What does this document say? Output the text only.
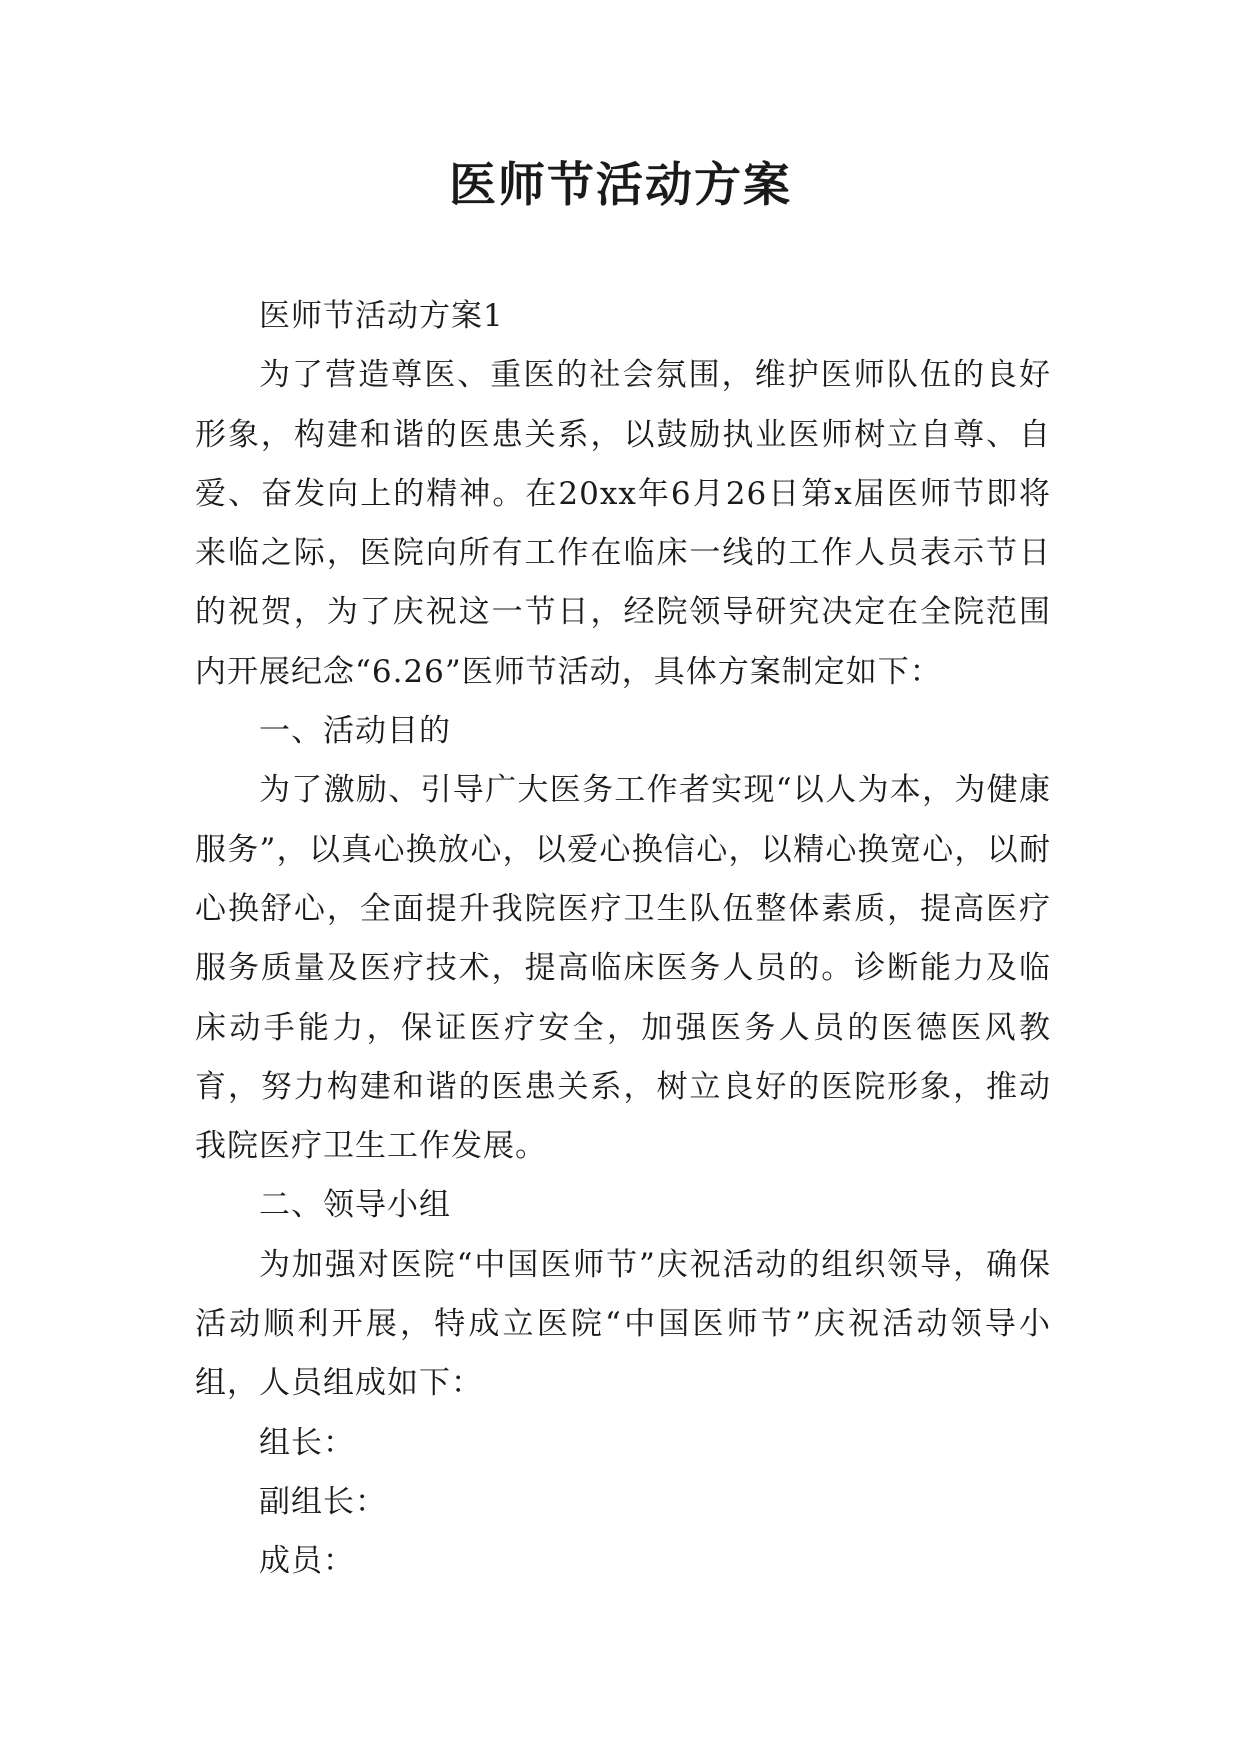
医师节活动方案

医师节活动方案1

为了营造尊医、重医的社会氛围，维护医师队伍的良好形象，构建和谐的医患关系，以鼓励执业医师树立自尊、自爱、奋发向上的精神。在20xx年6月26日第x届医师节即将来临之际，医院向所有工作在临床一线的工作人员表示节日的祝贺，为了庆祝这一节日，经院领导研究决定在全院范围内开展纪念“6.26”医师节活动，具体方案制定如下：

一、活动目的

为了激励、引导广大医务工作者实现“以人为本，为健康服务”，以真心换放心，以爱心换信心，以精心换宽心，以耐心换舒心，全面提升我院医疗卫生队伍整体素质，提高医疗服务质量及医疗技术，提高临床医务人员的。诊断能力及临床动手能力，保证医疗安全，加强医务人员的医德医风教育，努力构建和谐的医患关系，树立良好的医院形象，推动我院医疗卫生工作发展。

二、领导小组

为加强对医院“中国医师节”庆祝活动的组织领导，确保活动顺利开展，特成立医院“中国医师节”庆祝活动领导小组，人员组成如下：

组长：

副组长：

成员：
